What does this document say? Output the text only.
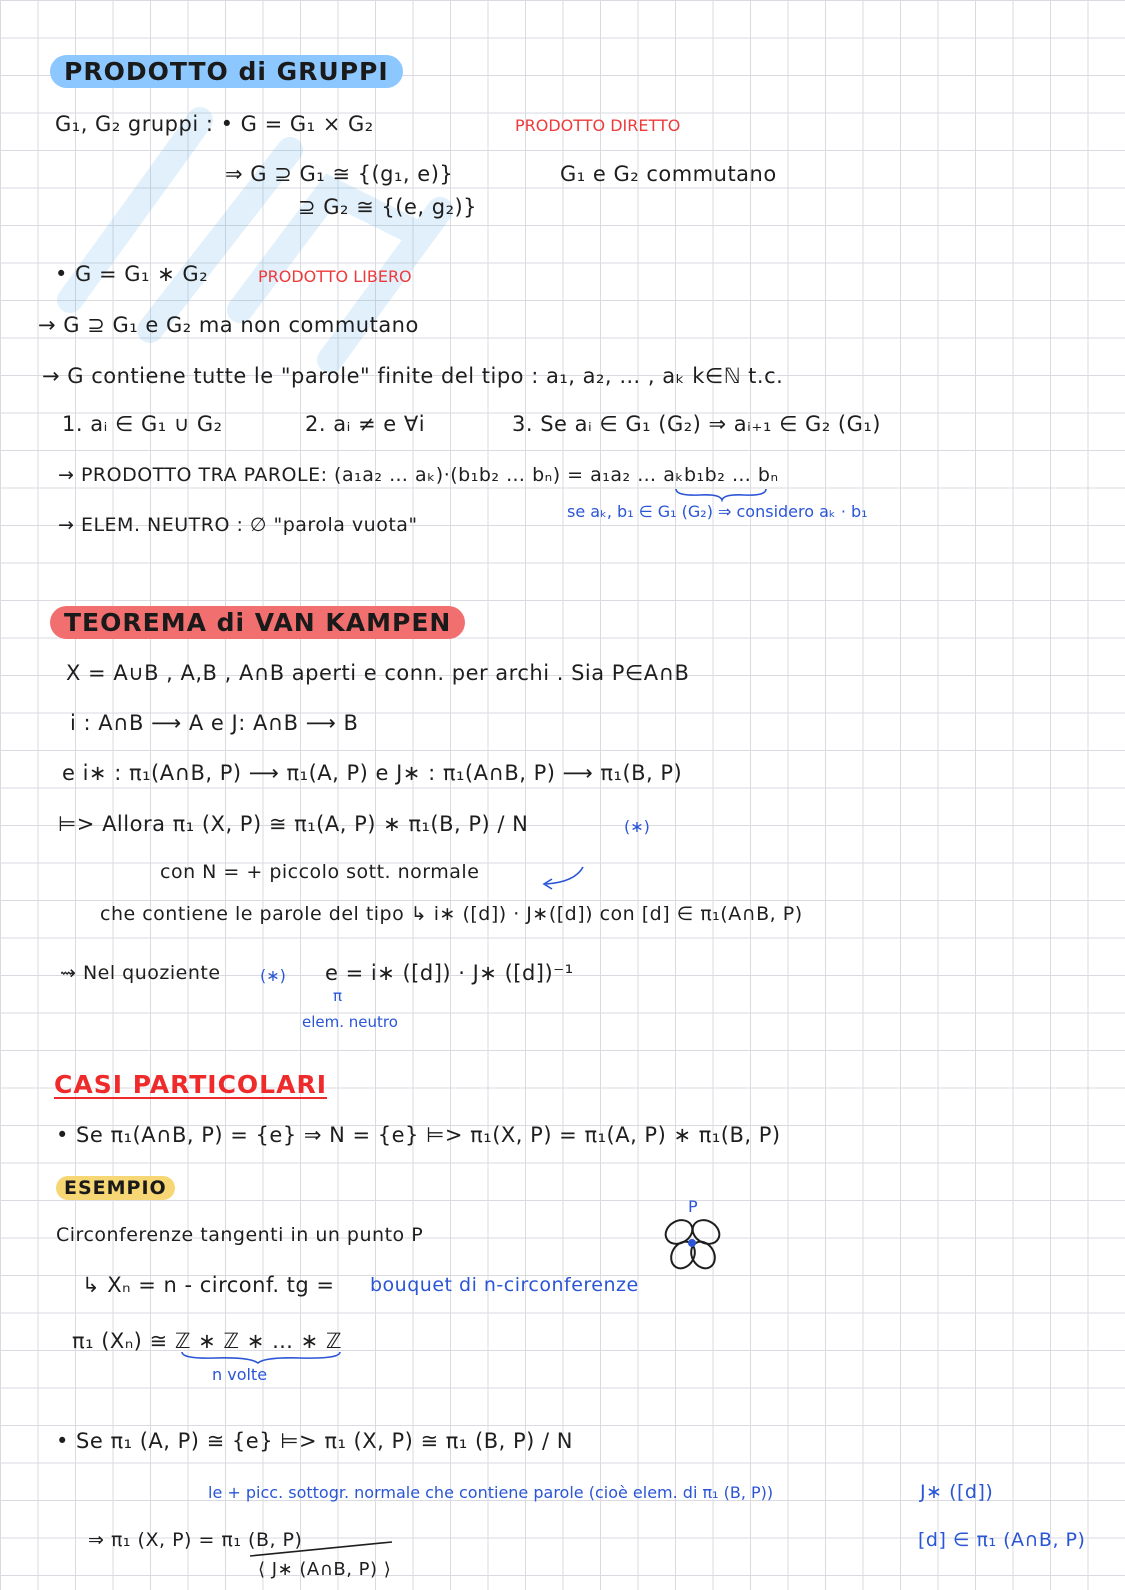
PRODOTTO di GRUPPI
G₁, G₂ gruppi : • G = G₁ × G₂	PRODOTTO DIRETTO
⇒ G ⊇ G₁ ≅ {(g₁, e)}	G₁ e G₂ commutano
⊇ G₂ ≅ {(e, g₂)}
• G = G₁ ∗ G₂	PRODOTTO LIBERO
→ G ⊇ G₁ e G₂ ma non commutano
→ G contiene tutte le "parole" finite del tipo : a₁, a₂, … , aₖ k∈ℕ t.c.
1. aᵢ ∈ G₁ ∪ G₂	2. aᵢ ≠ e ∀i	3. Se aᵢ ∈ G₁ (G₂) ⇒ aᵢ₊₁ ∈ G₂ (G₁)
→ PRODOTTO TRA PAROLE: (a₁a₂ … aₖ)·(b₁b₂ … bₙ) = a₁a₂ … aₖb₁b₂ … bₙ
se aₖ, b₁ ∈ G₁ (G₂) ⇒ considero aₖ · b₁
→ ELEM. NEUTRO : ∅ "parola vuota"
TEOREMA di VAN KAMPEN
X = A∪B , A,B , A∩B aperti e conn. per archi . Sia P∈A∩B
i : A∩B ⟶ A e J: A∩B ⟶ B
e i∗ : π₁(A∩B, P) ⟶ π₁(A, P) e J∗ : π₁(A∩B, P) ⟶ π₁(B, P)
⊨> Allora π₁ (X, P) ≅ π₁(A, P) ∗ π₁(B, P) / N	(∗)
con N = + piccolo sott. normale
che contiene le parole del tipo ↳ i∗ ([d]) · J∗([d]) con [d] ∈ π₁(A∩B, P)
⇝ Nel quoziente (∗) e = i∗ ([d]) · J∗ ([d])⁻¹
π
elem. neutro
CASI PARTICOLARI
• Se π₁(A∩B, P) = {e} ⇒ N = {e} ⊨> π₁(X, P) = π₁(A, P) ∗ π₁(B, P)
ESEMPIO
Circonferenze tangenti in un punto P
↳ Xₙ = n - circonf. tg = bouquet di n-circonferenze
P
π₁ (Xₙ) ≅ ℤ ∗ ℤ ∗ … ∗ ℤ
n volte
• Se π₁ (A, P) ≅ {e} ⊨> π₁ (X, P) ≅ π₁ (B, P) / N
le + picc. sottogr. normale che contiene parole (cioè elem. di π₁ (B, P))	J∗ ([d])
⇒ π₁ (X, P) = π₁ (B, P)	[d] ∈ π₁ (A∩B, P)
⟨ J∗ (A∩B, P) ⟩
